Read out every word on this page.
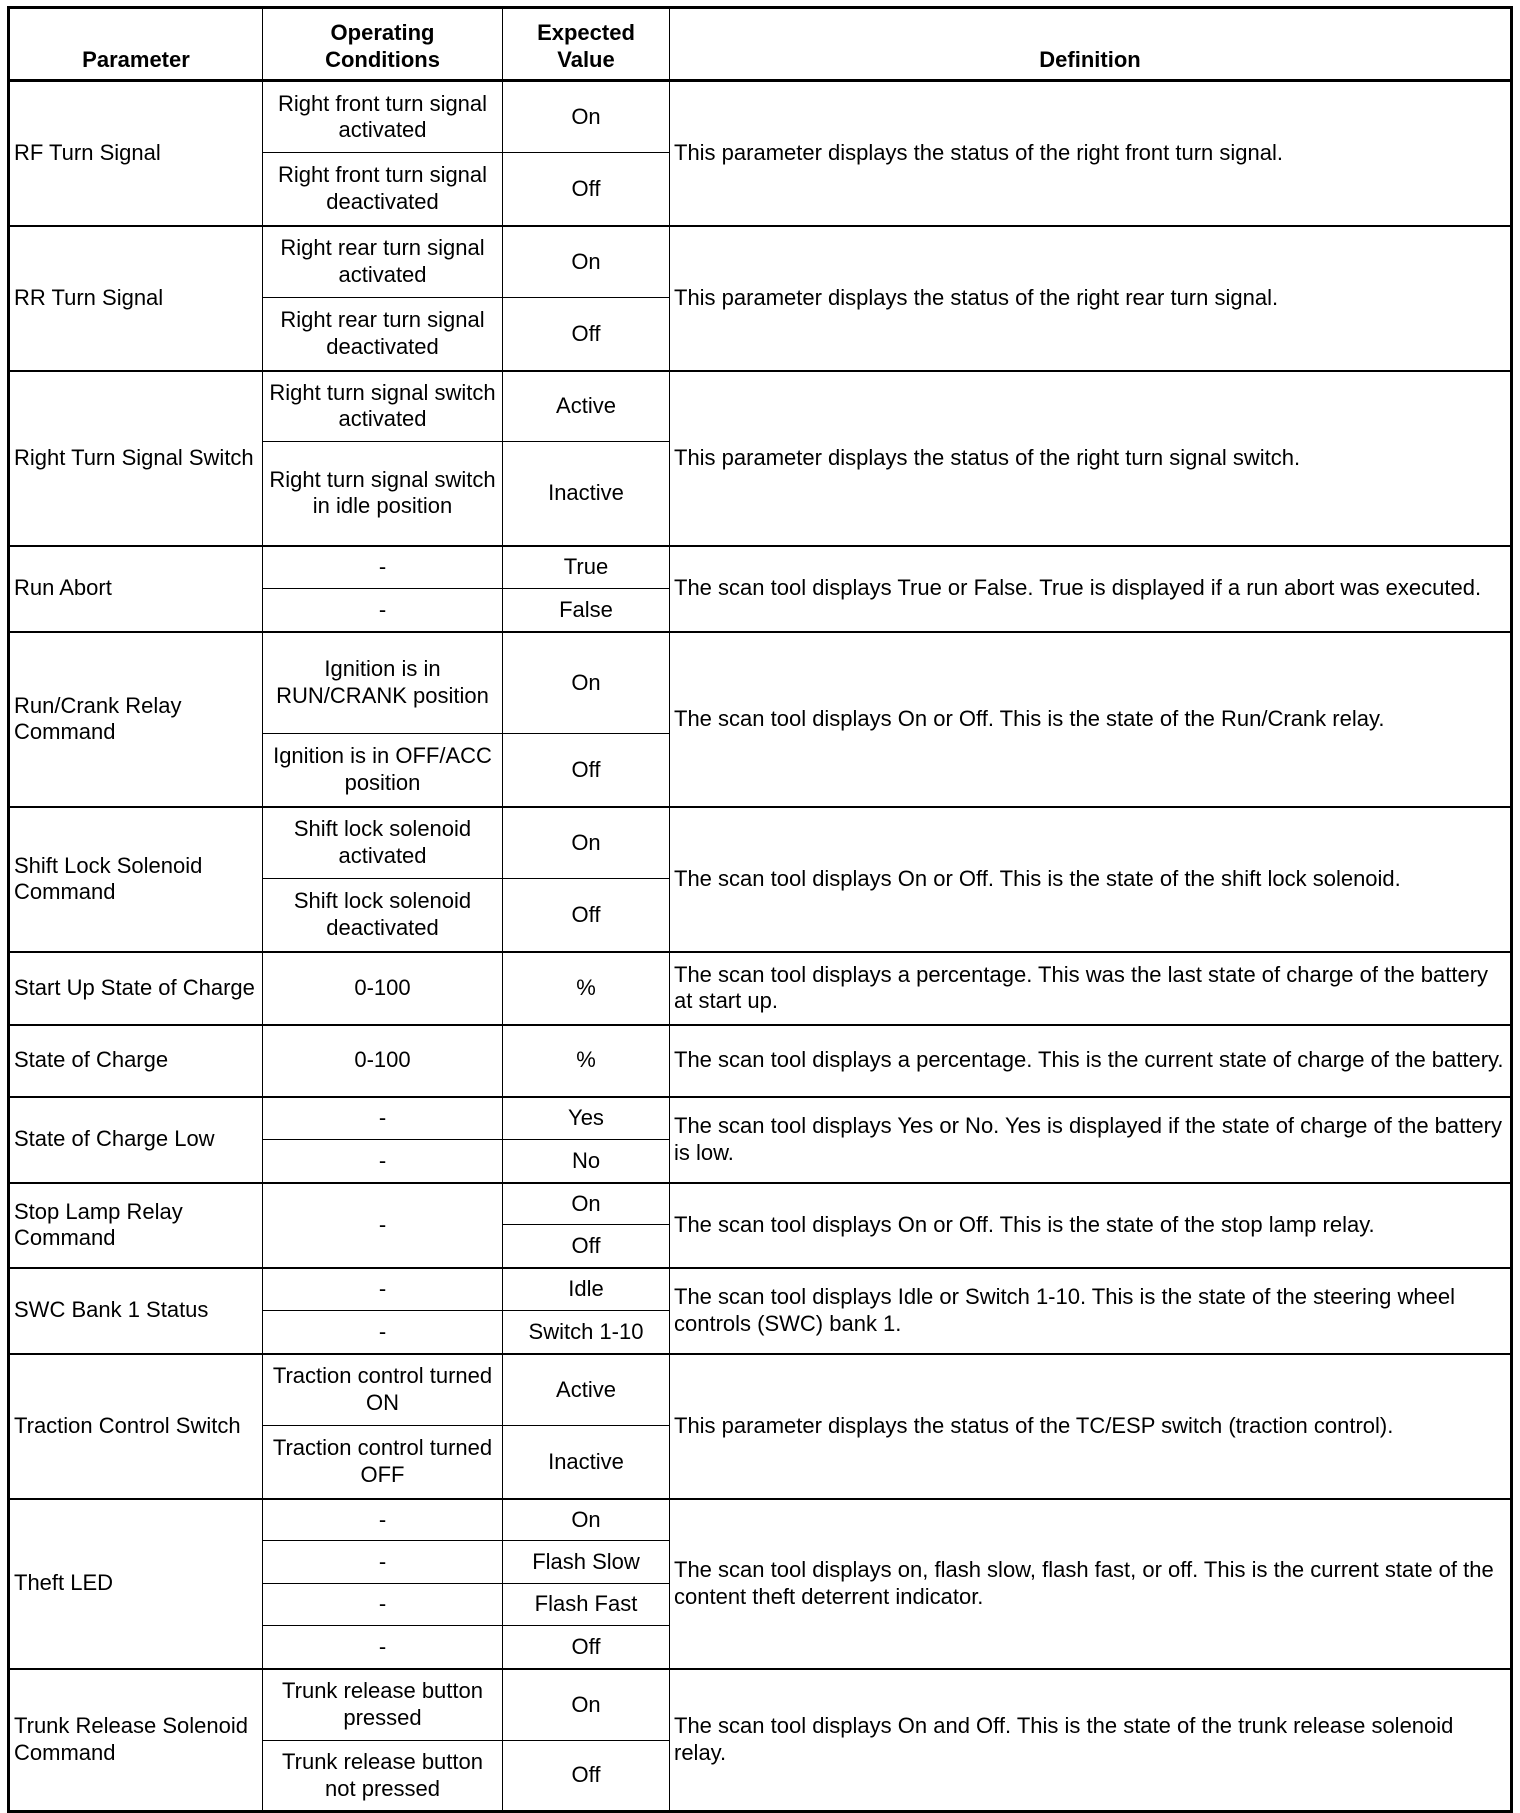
Parameter	Operating Conditions	Expected Value	Definition
RF Turn Signal	Right front turn signal activated	On	This parameter displays the status of the right front turn signal.
	Right front turn signal deactivated	Off	
RR Turn Signal	Right rear turn signal activated	On	This parameter displays the status of the right rear turn signal.
	Right rear turn signal deactivated	Off	
Right Turn Signal Switch	Right turn signal switch activated	Active	This parameter displays the status of the right turn signal switch.
	Right turn signal switch in idle position	Inactive	
Run Abort	-	True	The scan tool displays True or False. True is displayed if a run abort was executed.
	-	False	
Run/Crank Relay Command	Ignition is in RUN/CRANK position	On	The scan tool displays On or Off. This is the state of the Run/Crank relay.
	Ignition is in OFF/ACC position	Off	
Shift Lock Solenoid Command	Shift lock solenoid activated	On	The scan tool displays On or Off. This is the state of the shift lock solenoid.
	Shift lock solenoid deactivated	Off	
Start Up State of Charge	0-100	%	The scan tool displays a percentage. This was the last state of charge of the battery at start up.
State of Charge	0-100	%	The scan tool displays a percentage. This is the current state of charge of the battery.
State of Charge Low	-	Yes	The scan tool displays Yes or No. Yes is displayed if the state of charge of the battery is low.
	-	No	
Stop Lamp Relay Command	-	On	The scan tool displays On or Off. This is the state of the stop lamp relay.
		Off	
SWC Bank 1 Status	-	Idle	The scan tool displays Idle or Switch 1-10. This is the state of the steering wheel controls (SWC) bank 1.
	-	Switch 1-10	
Traction Control Switch	Traction control turned ON	Active	This parameter displays the status of the TC/ESP switch (traction control).
	Traction control turned OFF	Inactive	
Theft LED	-	On	The scan tool displays on, flash slow, flash fast, or off. This is the current state of the content theft deterrent indicator.
	-	Flash Slow	
	-	Flash Fast	
	-	Off	
Trunk Release Solenoid Command	Trunk release button pressed	On	The scan tool displays On and Off. This is the state of the trunk release solenoid relay.
	Trunk release button not pressed	Off	
